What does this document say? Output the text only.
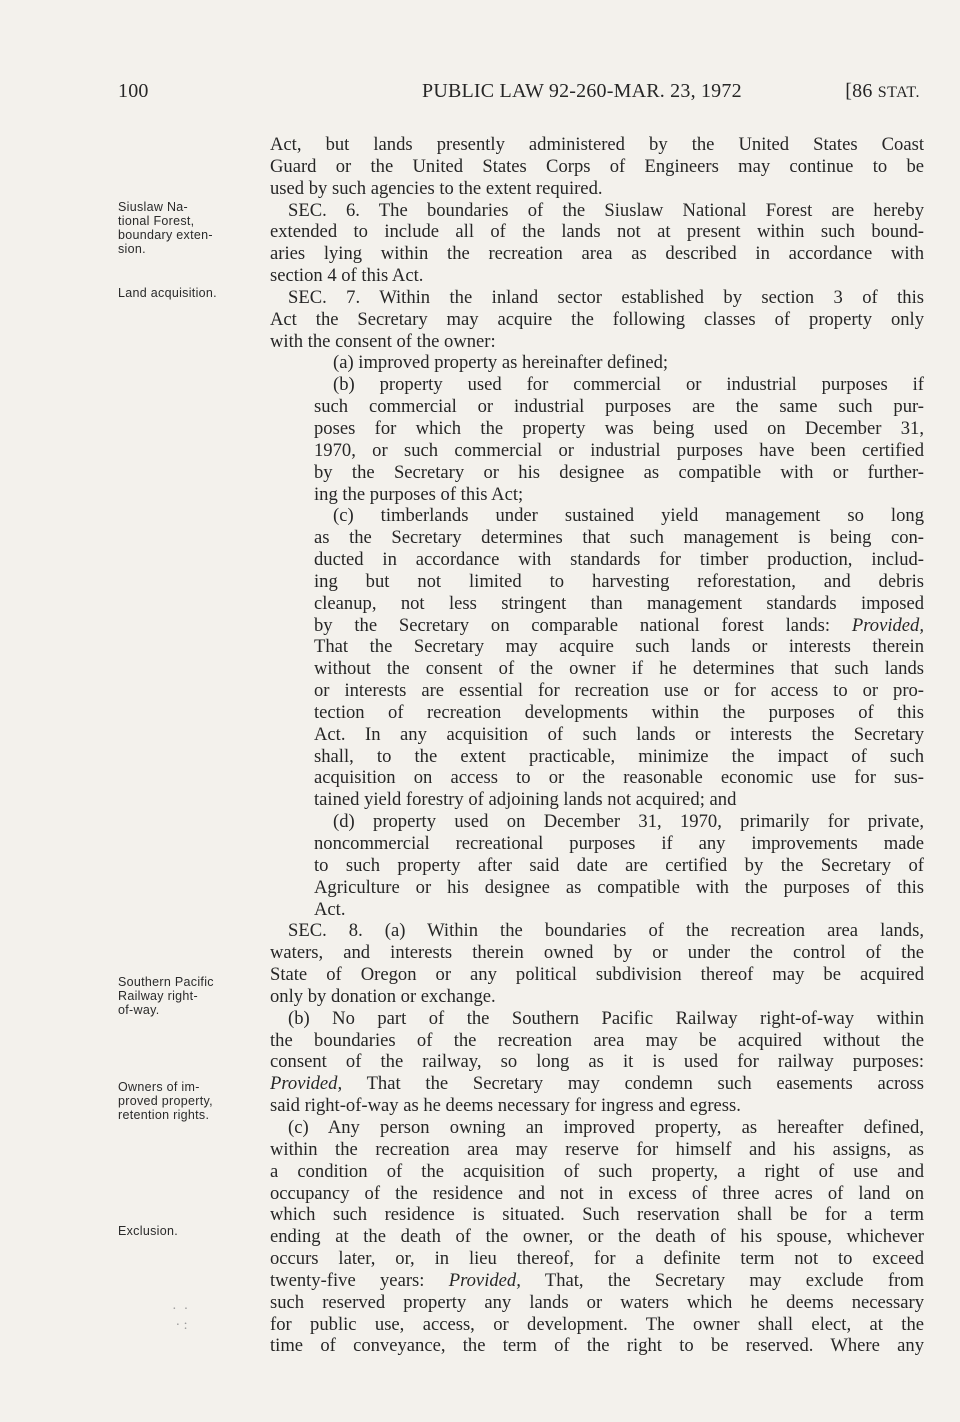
100	PUBLIC LAW 92-260-MAR. 23, 1972	[86 STAT.
Siuslaw Na-
tional Forest,
boundary exten-
sion.
Land acquisition.
Southern Pacific
Railway right-
of-way.
Owners of im-
proved property,
retention rights.
Exclusion.
Act, but lands presently administered by the United States Coast
Guard or the United States Corps of Engineers may continue to be
used by such agencies to the extent required.
SEC. 6. The boundaries of the Siuslaw National Forest are hereby
extended to include all of the lands not at present within such bound-
aries lying within the recreation area as described in accordance with
section 4 of this Act.
SEC. 7. Within the inland sector established by section 3 of this
Act the Secretary may acquire the following classes of property only
with the consent of the owner:
(a) improved property as hereinafter defined;
(b) property used for commercial or industrial purposes if
such commercial or industrial purposes are the same such pur-
poses for which the property was being used on December 31,
1970, or such commercial or industrial purposes have been certified
by the Secretary or his designee as compatible with or further-
ing the purposes of this Act;
(c) timberlands under sustained yield management so long
as the Secretary determines that such management is being con-
ducted in accordance with standards for timber production, includ-
ing but not limited to harvesting reforestation, and debris
cleanup, not less stringent than management standards imposed
by the Secretary on comparable national forest lands: Provided,
That the Secretary may acquire such lands or interests therein
without the consent of the owner if he determines that such lands
or interests are essential for recreation use or for access to or pro-
tection of recreation developments within the purposes of this
Act. In any acquisition of such lands or interests the Secretary
shall, to the extent practicable, minimize the impact of such
acquisition on access to or the reasonable economic use for sus-
tained yield forestry of adjoining lands not acquired; and
(d) property used on December 31, 1970, primarily for private,
noncommercial recreational purposes if any improvements made
to such property after said date are certified by the Secretary of
Agriculture or his designee as compatible with the purposes of this
Act.
SEC. 8. (a) Within the boundaries of the recreation area lands,
waters, and interests therein owned by or under the control of the
State of Oregon or any political subdivision thereof may be acquired
only by donation or exchange.
(b) No part of the Southern Pacific Railway right-of-way within
the boundaries of the recreation area may be acquired without the
consent of the railway, so long as it is used for railway purposes:
Provided, That the Secretary may condemn such easements across
said right-of-way as he deems necessary for ingress and egress.
(c) Any person owning an improved property, as hereafter defined,
within the recreation area may reserve for himself and his assigns, as
a condition of the acquisition of such property, a right of use and
occupancy of the residence and not in excess of three acres of land on
which such residence is situated. Such reservation shall be for a term
ending at the death of the owner, or the death of his spouse, whichever
occurs later, or, in lieu thereof, for a definite term not to exceed
twenty-five years: Provided, That, the Secretary may exclude from
such reserved property any lands or waters which he deems necessary
for public use, access, or development. The owner shall elect, at the
time of conveyance, the term of the right to be reserved. Where any
·  ·
· :
